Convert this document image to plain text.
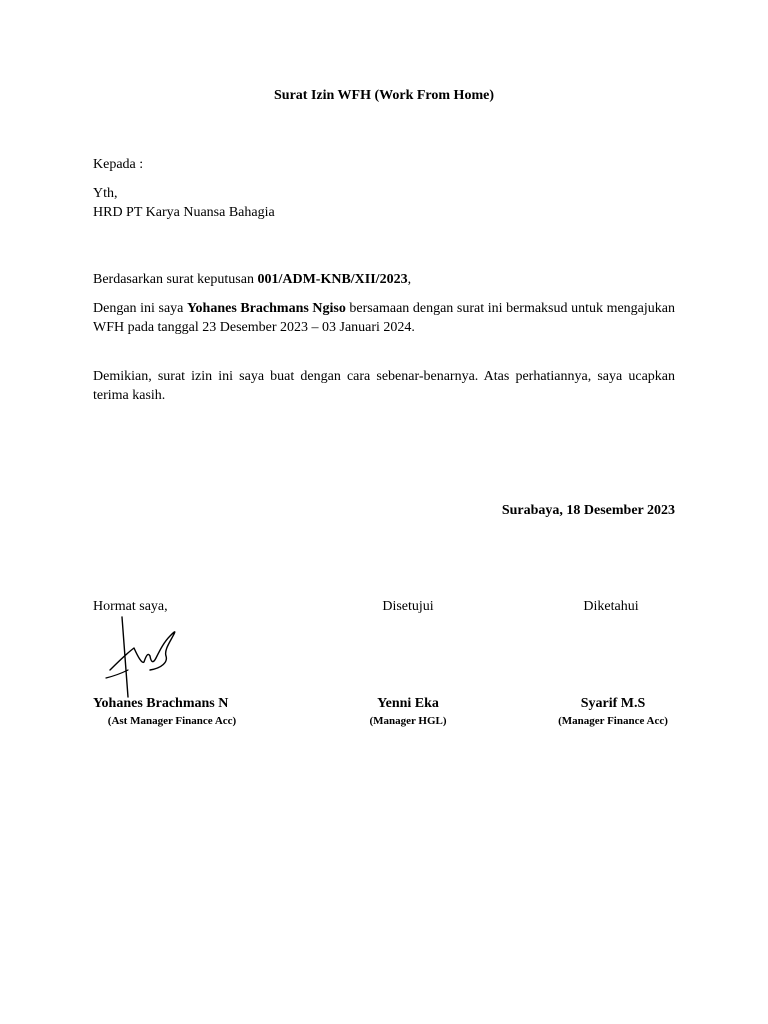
Surat Izin WFH (Work From Home)
Kepada :
Yth,
HRD PT Karya Nuansa Bahagia
Berdasarkan surat keputusan 001/ADM-KNB/XII/2023,
Dengan ini saya Yohanes Brachmans Ngiso bersamaan dengan surat ini bermaksud untuk mengajukan WFH pada tanggal 23 Desember 2023 – 03 Januari 2024.
Demikian, surat izin ini saya buat dengan cara sebenar-benarnya. Atas perhatiannya, saya ucapkan terima kasih.
Surabaya, 18 Desember 2023
Hormat saya,
Yohanes Brachmans N
(Ast Manager Finance Acc)
Disetujui
Yenni Eka
(Manager HGL)
Diketahui
Syarif M.S
(Manager Finance Acc)
